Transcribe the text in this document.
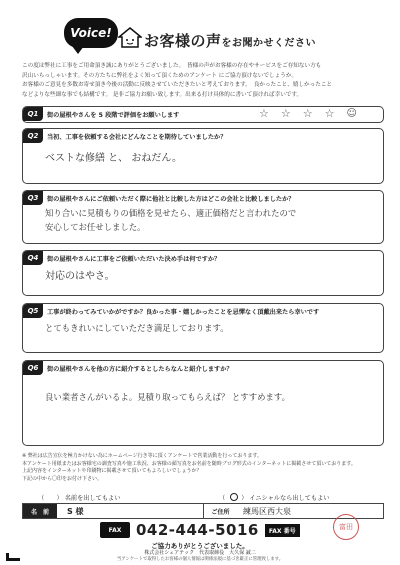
Voice!	お客様の声をお聞かせください
この度は弊社に工事をご用命頂き誠にありがとうございました。　皆様の声がお客様の存在やサービスをご存知ない方も
沢山いらっしゃいます。その方たちに弊社をよく知って頂くためのアンケート にご協力頂けないでしょうか。
お客様のご意見を多数お寄せ頂き今後の活動に反映させていただきたいと考えております。　良かったこと、嬉しかったこと
などよりな些細な事でも結構です。 是非ご協力お願い致します。出来る打け具体的に書いて頂ければ幸いです。
Q1	街の屋根やさんを 5 段階で評価をお願いします	☆ ☆ ☆ ☆ ☺
Q2	当初、工事を依頼する会社にどんなことを期待していましたか？
ベストな修繕 と、 おねだん。
Q3	街の屋根やさんにご依頼いただく際に他社と比較した方はどこの会社と比較しましたか？
知り合いに見積もりの価格を見せたら、適正価格だと言われたので
安心してお任せしました。
Q4	街の屋根やさんに工事をご依頼いただいた決め手は何ですか？
対応のはやさ。
Q5	工事が終わってみていかがですか？良かった事・嬉しかったことを忌憚なく頂戴出来たら幸いです
とてもきれいにしていただき満足しております。
Q6	街の屋根やさんを他の方に紹介するとしたらなんと紹介しますか？
良い業者さんがいるよ。見積り取ってもらえば？ とすすめます。
※ 弊社は広告宣伝を極力かけない為にホームページ行き等に頂くアンケートで営業活動を行っております。
本アンケート用紙またはお客様宅の調査写真や施工状況、お客様の顔写真をお名前を随時ブログ形式のインターネットに掲載させて頂いております。
上記内容をインターネットや印刷物に掲載させて頂いてもよろしいでしょうか？
下記の中から〇印をお付け下さい。
（　　） 名前を出してもよい	（ ○ ） イニシャルなら出してもよい
名　前	S 様	ご住所	練馬区西大泉
FAX 042-444-5016	FAX 番号	富田
ご協力ありがとうございました。
株式会社シェアテック　代表取締役　大久保 誠二
当アンケートで取得したお客様の個人情報は関係法規に基づき厳正に管理致します。
